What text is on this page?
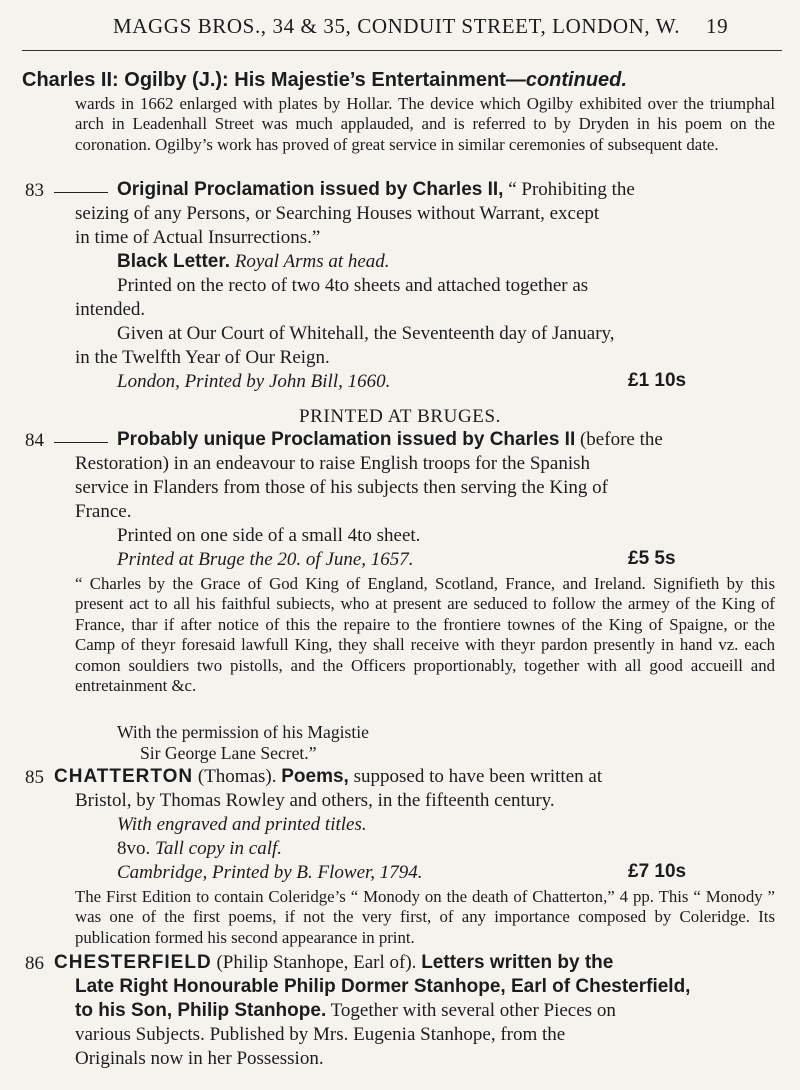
MAGGS BROS., 34 & 35, CONDUIT STREET, LONDON, W. 19
Charles II: Ogilby (J.): His Majestie’s Entertainment—continued.
wards in 1662 enlarged with plates by Hollar. The device which Ogilby exhibited over the triumphal arch in Leadenhall Street was much applauded, and is referred to by Dryden in his poem on the coronation. Ogilby’s work has proved of great service in similar ceremonies of subsequent date.
83	Original Proclamation issued by Charles II, “ Prohibiting the
seizing of any Persons, or Searching Houses without Warrant, except
in time of Actual Insurrections.”
Black Letter. Royal Arms at head.
Printed on the recto of two 4to sheets and attached together as
intended.
Given at Our Court of Whitehall, the Seventeenth day of January,
in the Twelfth Year of Our Reign.
London, Printed by John Bill, 1660.	£1 10s
PRINTED AT BRUGES.
84	Probably unique Proclamation issued by Charles II (before the
Restoration) in an endeavour to raise English troops for the Spanish
service in Flanders from those of his subjects then serving the King of
France.
Printed on one side of a small 4to sheet.
Printed at Bruge the 20. of June, 1657.	£5 5s
“ Charles by the Grace of God King of England, Scotland, France, and Ireland. Signifieth by this present act to all his faithful subiects, who at present are seduced to follow the armey of the King of France, thar if after notice of this the repaire to the frontiere townes of the King of Spaigne, or the Camp of theyr foresaid lawfull King, they shall receive with theyr pardon presently in hand vz. each comon souldiers two pistolls, and the Officers proportionably, together with all good accueill and entretainment &c.
With the permission of his Magistie
Sir George Lane Secret.”
85 CHATTERTON (Thomas). Poems, supposed to have been written at
Bristol, by Thomas Rowley and others, in the fifteenth century.
With engraved and printed titles.
8vo. Tall copy in calf.
Cambridge, Printed by B. Flower, 1794.	£7 10s
The First Edition to contain Coleridge’s “ Monody on the death of Chatterton,” 4 pp. This “ Monody ” was one of the first poems, if not the very first, of any importance composed by Coleridge. Its publication formed his second appearance in print.
86 CHESTERFIELD (Philip Stanhope, Earl of). Letters written by the
Late Right Honourable Philip Dormer Stanhope, Earl of Chesterfield,
to his Son, Philip Stanhope. Together with several other Pieces on
various Subjects. Published by Mrs. Eugenia Stanhope, from the
Originals now in her Possession.
